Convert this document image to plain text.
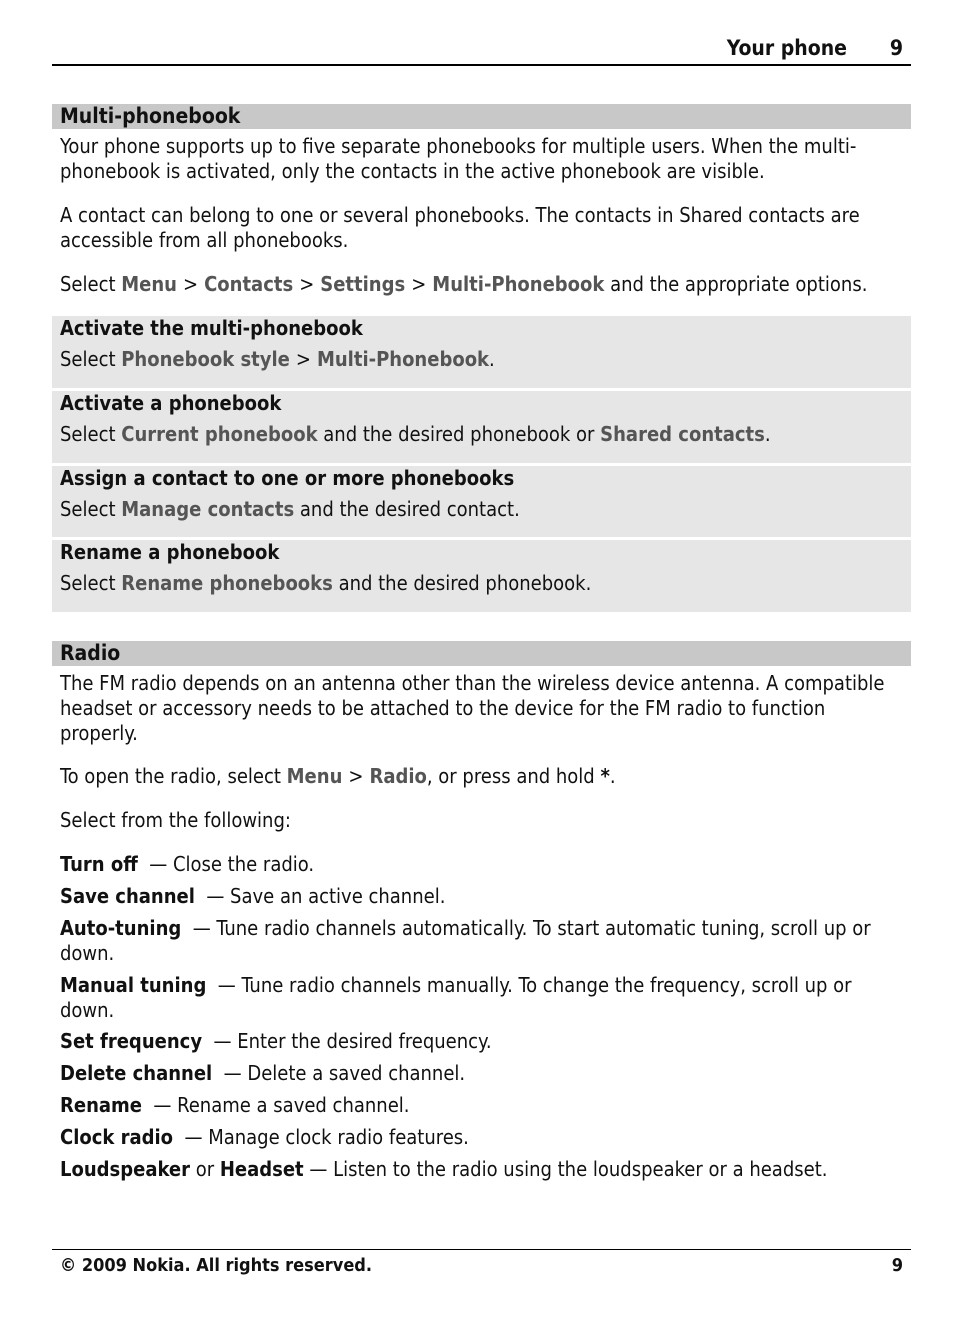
Your phone 9
Multi-phonebook

Your phone supports up to five separate phonebooks for multiple users. When the multi-phonebook is activated, only the contacts in the active phonebook are visible.

A contact can belong to one or several phonebooks. The contacts in Shared contacts are accessible from all phonebooks.

Select Menu > Contacts > Settings > Multi-Phonebook and the appropriate options.

Activate the multi-phonebook

Select Phonebook style > Multi-Phonebook.

Activate a phonebook

Select Current phonebook and the desired phonebook or Shared contacts.

Assign a contact to one or more phonebooks

Select Manage contacts and the desired contact.

Rename a phonebook

Select Rename phonebooks and the desired phonebook.

Radio

The FM radio depends on an antenna other than the wireless device antenna. A compatible headset or accessory needs to be attached to the device for the FM radio to function properly.

To open the radio, select Menu > Radio, or press and hold *.

Select from the following:

Turn off — Close the radio.

Save channel — Save an active channel.

Auto-tuning — Tune radio channels automatically. To start automatic tuning, scroll up or down.

Manual tuning — Tune radio channels manually. To change the frequency, scroll up or down.

Set frequency — Enter the desired frequency.

Delete channel — Delete a saved channel.

Rename — Rename a saved channel.

Clock radio — Manage clock radio features.

Loudspeaker or Headset — Listen to the radio using the loudspeaker or a headset.

© 2009 Nokia. All rights reserved.	9
